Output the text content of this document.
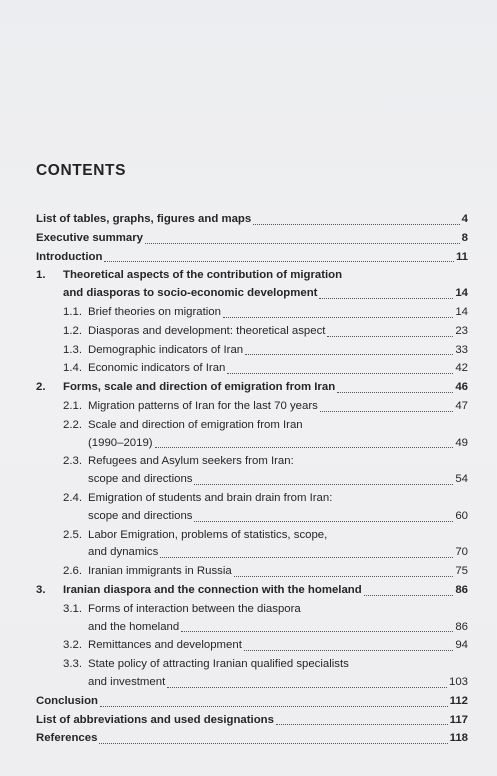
CONTENTS
List of tables, graphs, figures and maps	4
Executive summary	8
Introduction	11
1. Theoretical aspects of the contribution of migration
and diasporas to socio-economic development	14
1.1. Brief theories on migration	14
1.2. Diasporas and development: theoretical aspect	23
1.3. Demographic indicators of Iran	33
1.4. Economic indicators of Iran	42
2. Forms, scale and direction of emigration from Iran	46
2.1. Migration patterns of Iran for the last 70 years	47
2.2. Scale and direction of emigration from Iran
(1990–2019)	49
2.3. Refugees and Asylum seekers from Iran:
scope and directions	54
2.4. Emigration of students and brain drain from Iran:
scope and directions	60
2.5. Labor Emigration, problems of statistics, scope,
and dynamics	70
2.6. Iranian immigrants in Russia	75
3. Iranian diaspora and the connection with the homeland	86
3.1. Forms of interaction between the diaspora
and the homeland	86
3.2. Remittances and development	94
3.3. State policy of attracting Iranian qualified specialists
and investment	103
Conclusion	112
List of abbreviations and used designations	117
References	118
